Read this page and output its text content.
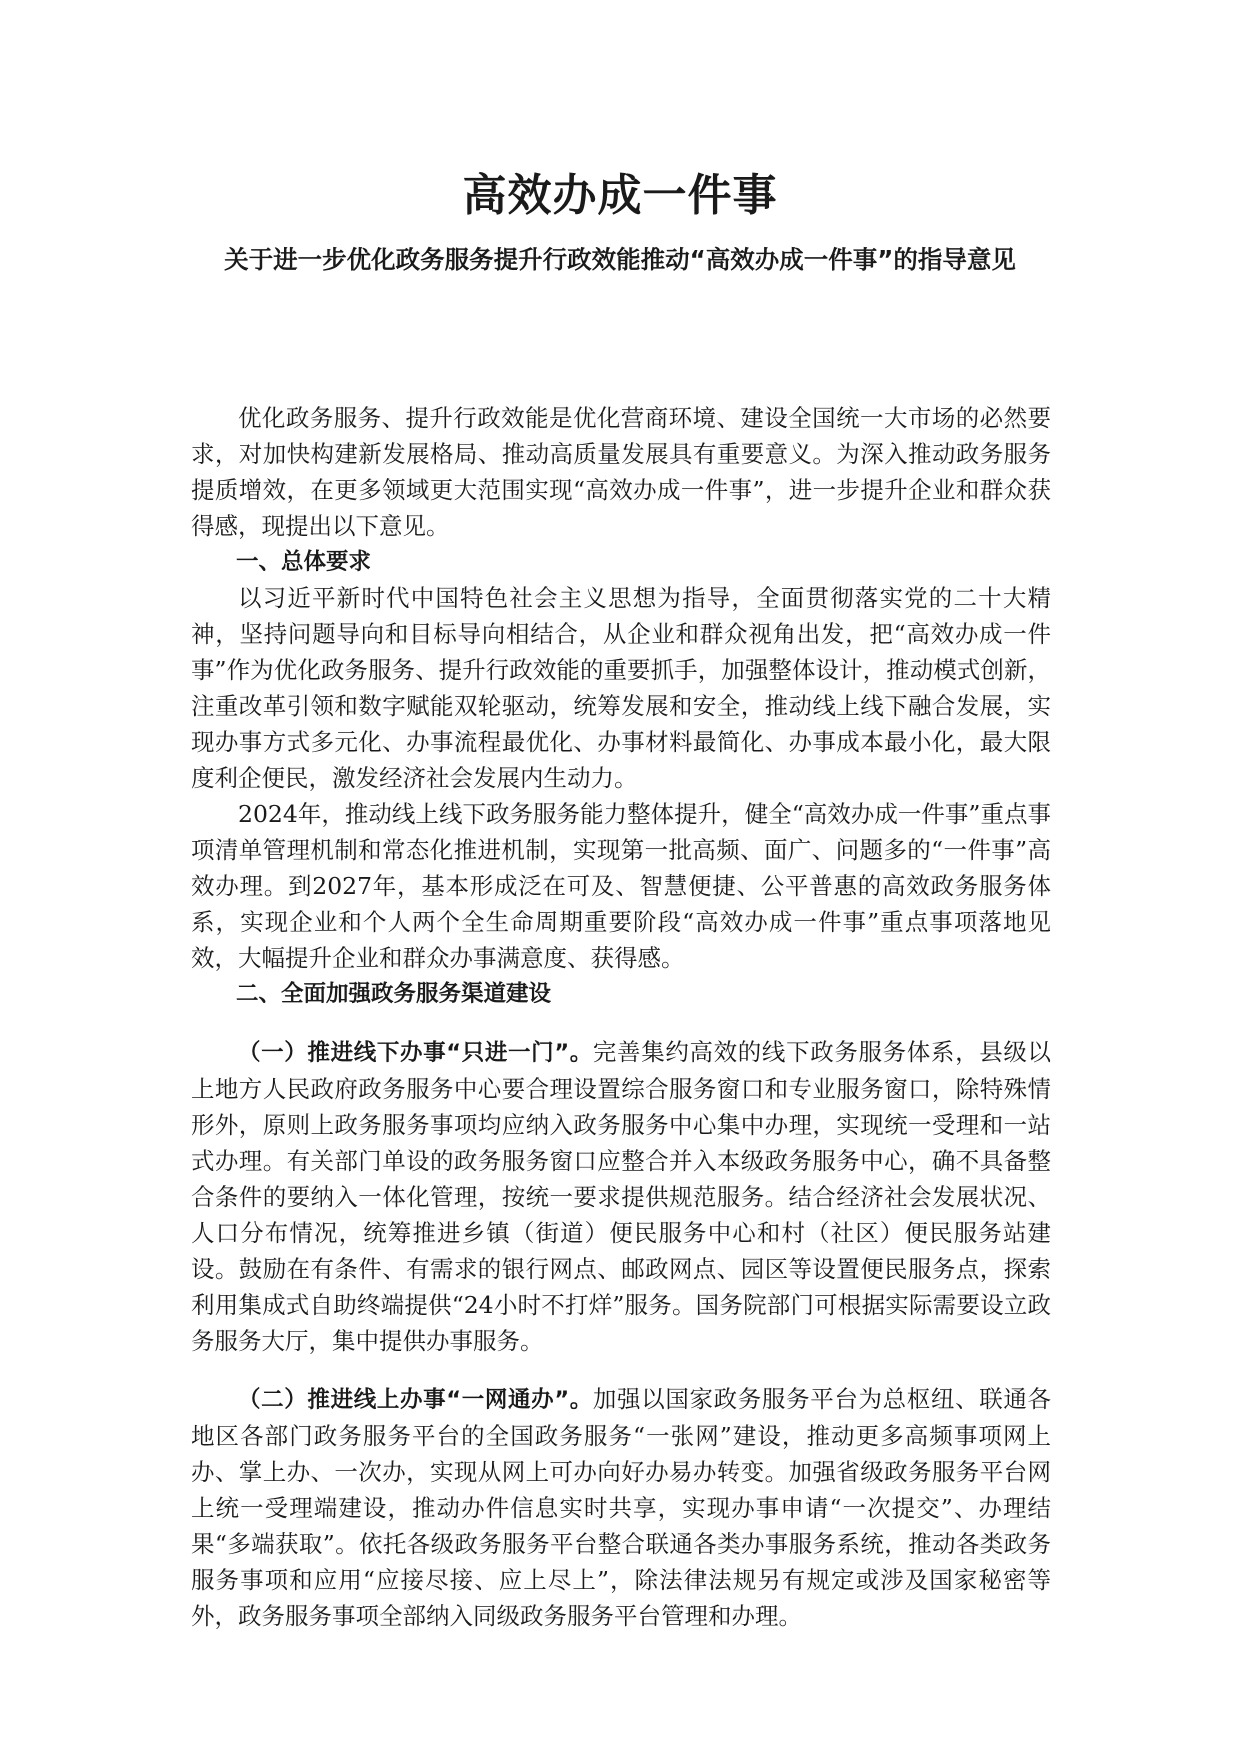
高效办成一件事
关于进一步优化政务服务提升行政效能推动“高效办成一件事”的指导意见

优化政务服务、提升行政效能是优化营商环境、建设全国统一大市场的必然要求，对加快构建新发展格局、推动高质量发展具有重要意义。为深入推动政务服务提质增效，在更多领域更大范围实现“高效办成一件事”，进一步提升企业和群众获得感，现提出以下意见。

一、总体要求

以习近平新时代中国特色社会主义思想为指导，全面贯彻落实党的二十大精神，坚持问题导向和目标导向相结合，从企业和群众视角出发，把“高效办成一件事”作为优化政务服务、提升行政效能的重要抓手，加强整体设计，推动模式创新，注重改革引领和数字赋能双轮驱动，统筹发展和安全，推动线上线下融合发展，实现办事方式多元化、办事流程最优化、办事材料最简化、办事成本最小化，最大限度利企便民，激发经济社会发展内生动力。

2024年，推动线上线下政务服务能力整体提升，健全“高效办成一件事”重点事项清单管理机制和常态化推进机制，实现第一批高频、面广、问题多的“一件事”高效办理。到2027年，基本形成泛在可及、智慧便捷、公平普惠的高效政务服务体系，实现企业和个人两个全生命周期重要阶段“高效办成一件事”重点事项落地见效，大幅提升企业和群众办事满意度、获得感。

二、全面加强政务服务渠道建设

（一）推进线下办事“只进一门”。完善集约高效的线下政务服务体系，县级以上地方人民政府政务服务中心要合理设置综合服务窗口和专业服务窗口，除特殊情形外，原则上政务服务事项均应纳入政务服务中心集中办理，实现统一受理和一站式办理。有关部门单设的政务服务窗口应整合并入本级政务服务中心，确不具备整合条件的要纳入一体化管理，按统一要求提供规范服务。结合经济社会发展状况、人口分布情况，统筹推进乡镇（街道）便民服务中心和村（社区）便民服务站建设。鼓励在有条件、有需求的银行网点、邮政网点、园区等设置便民服务点，探索利用集成式自助终端提供“24小时不打烊”服务。国务院部门可根据实际需要设立政务服务大厅，集中提供办事服务。

（二）推进线上办事“一网通办”。加强以国家政务服务平台为总枢纽、联通各地区各部门政务服务平台的全国政务服务“一张网”建设，推动更多高频事项网上办、掌上办、一次办，实现从网上可办向好办易办转变。加强省级政务服务平台网上统一受理端建设，推动办件信息实时共享，实现办事申请“一次提交”、办理结果“多端获取”。依托各级政务服务平台整合联通各类办事服务系统，推动各类政务服务事项和应用“应接尽接、应上尽上”，除法律法规另有规定或涉及国家秘密等外，政务服务事项全部纳入同级政务服务平台管理和办理。
